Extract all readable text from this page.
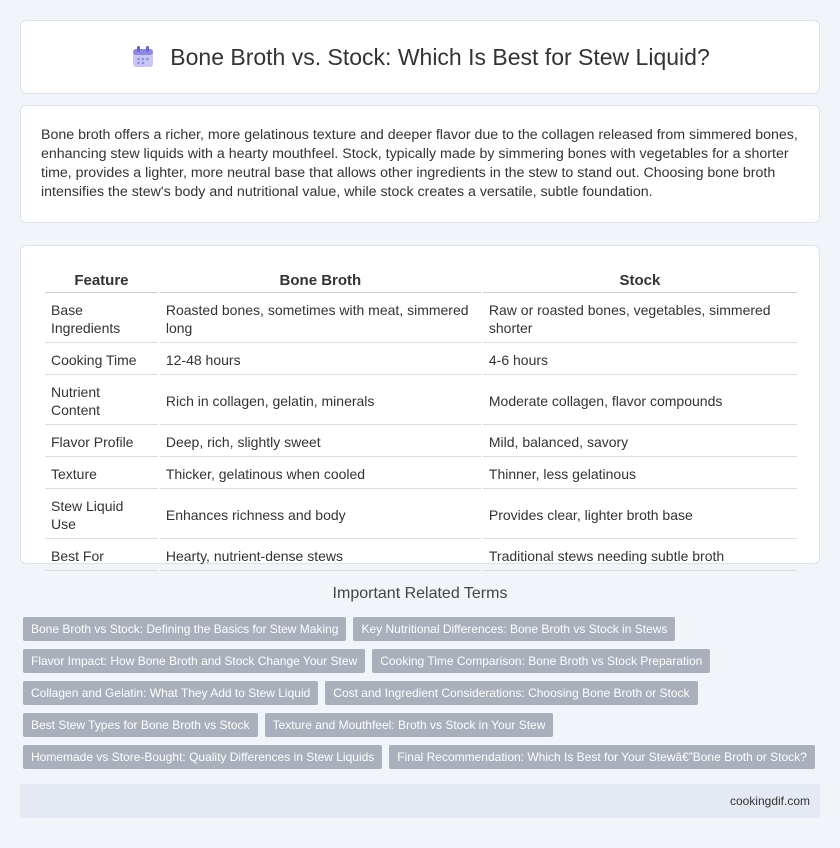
Bone Broth vs. Stock: Which Is Best for Stew Liquid?

Bone broth offers a richer, more gelatinous texture and deeper flavor due to the collagen released from simmered bones, enhancing stew liquids with a hearty mouthfeel. Stock, typically made by simmering bones with vegetables for a shorter time, provides a lighter, more neutral base that allows other ingredients in the stew to stand out. Choosing bone broth intensifies the stew's body and nutritional value, while stock creates a versatile, subtle foundation.

Feature	Bone Broth	Stock
Base Ingredients	Roasted bones, sometimes with meat, simmered long	Raw or roasted bones, vegetables, simmered shorter
Cooking Time	12-48 hours	4-6 hours
Nutrient Content	Rich in collagen, gelatin, minerals	Moderate collagen, flavor compounds
Flavor Profile	Deep, rich, slightly sweet	Mild, balanced, savory
Texture	Thicker, gelatinous when cooled	Thinner, less gelatinous
Stew Liquid Use	Enhances richness and body	Provides clear, lighter broth base
Best For	Hearty, nutrient-dense stews	Traditional stews needing subtle broth
Important Related Terms
Bone Broth vs Stock: Defining the Basics for Stew Making	Key Nutritional Differences: Bone Broth vs Stock in Stews
Flavor Impact: How Bone Broth and Stock Change Your Stew	Cooking Time Comparison: Bone Broth vs Stock Preparation
Collagen and Gelatin: What They Add to Stew Liquid	Cost and Ingredient Considerations: Choosing Bone Broth or Stock
Best Stew Types for Bone Broth vs Stock	Texture and Mouthfeel: Broth vs Stock in Your Stew
Homemade vs Store-Bought: Quality Differences in Stew Liquids	Final Recommendation: Which Is Best for Your Stewâ€”Bone Broth or Stock?
cookingdif.com
